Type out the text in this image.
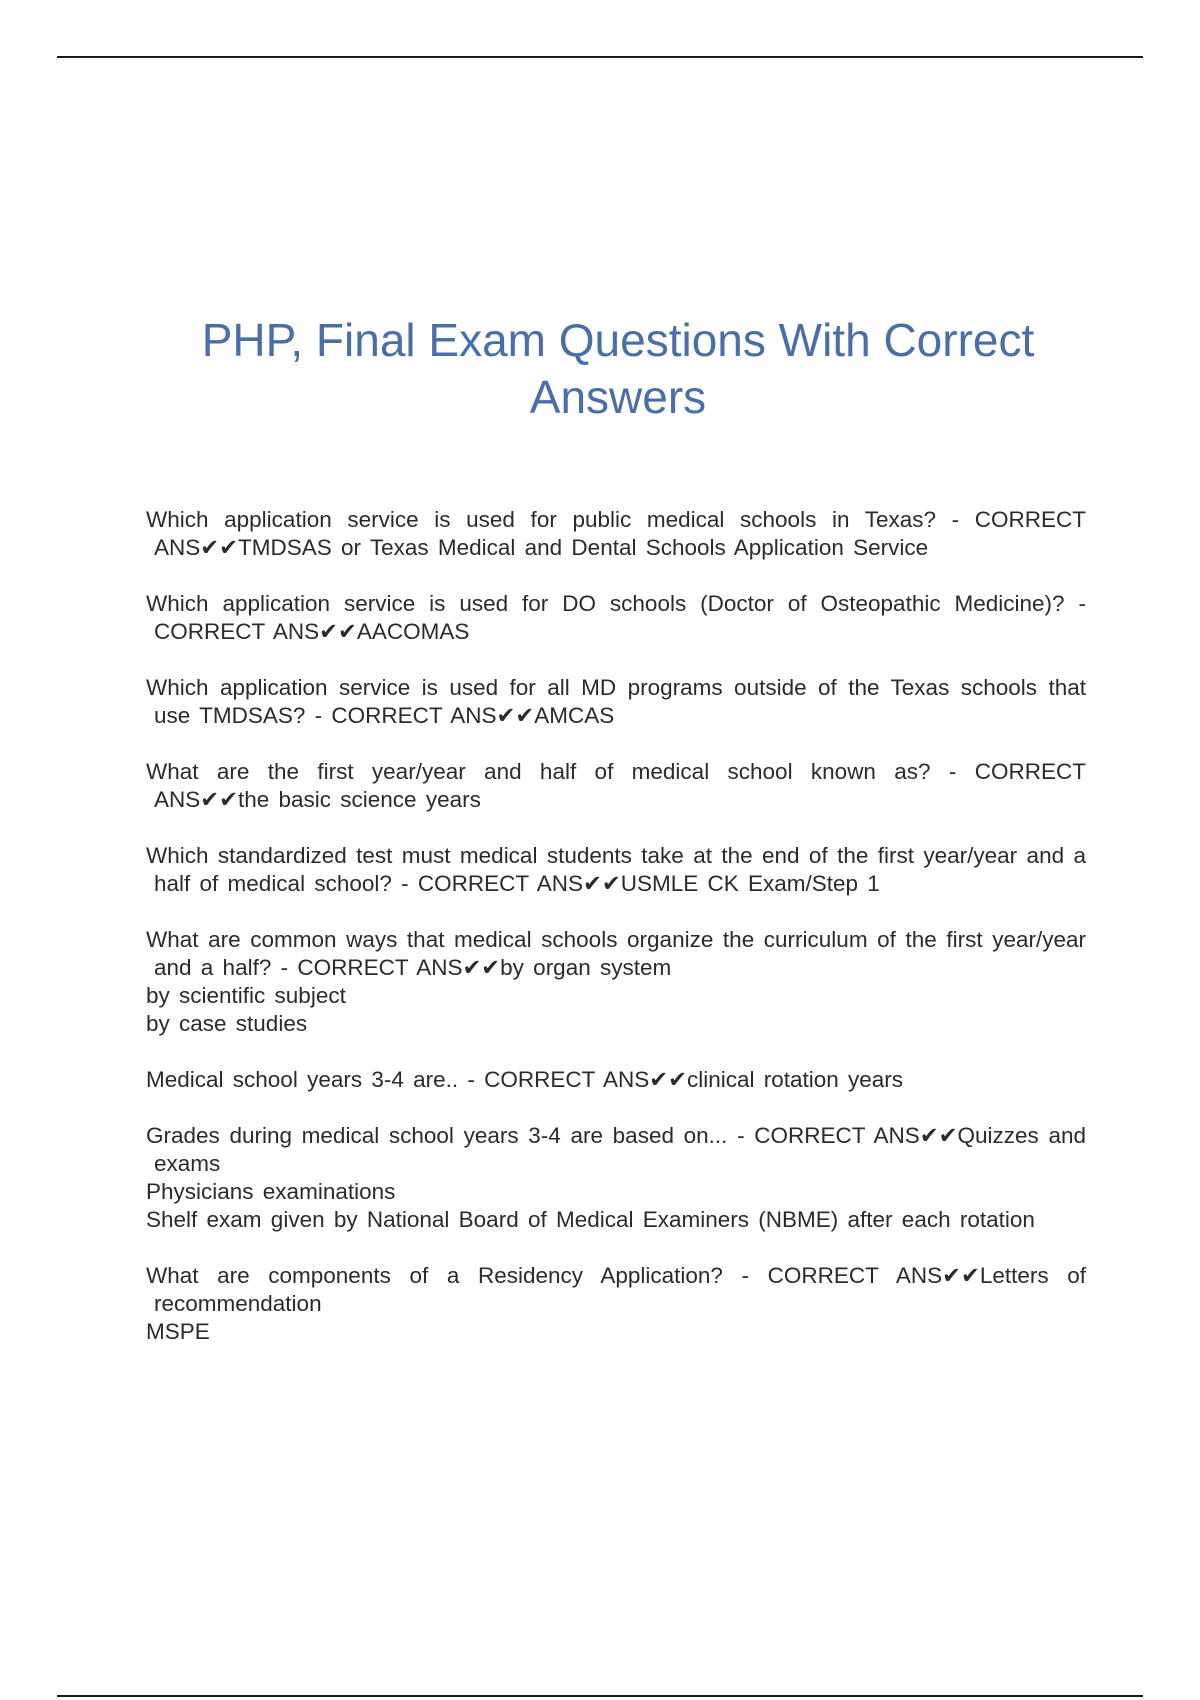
PHP, Final Exam Questions With Correct Answers
Which application service is used for public medical schools in Texas? - CORRECT ANS✔✔TMDSAS or Texas Medical and Dental Schools Application Service
Which application service is used for DO schools (Doctor of Osteopathic Medicine)? - CORRECT ANS✔✔AACOMAS
Which application service is used for all MD programs outside of the Texas schools that use TMDSAS? - CORRECT ANS✔✔AMCAS
What are the first year/year and half of medical school known as? - CORRECT ANS✔✔the basic science years
Which standardized test must medical students take at the end of the first year/year and a half of medical school? - CORRECT ANS✔✔USMLE CK Exam/Step 1
What are common ways that medical schools organize the curriculum of the first year/year and a half? - CORRECT ANS✔✔by organ system
by scientific subject
by case studies
Medical school years 3-4 are.. - CORRECT ANS✔✔clinical rotation years
Grades during medical school years 3-4 are based on... - CORRECT ANS✔✔Quizzes and exams
Physicians examinations
Shelf exam given by National Board of Medical Examiners (NBME) after each rotation
What are components of a Residency Application? - CORRECT ANS✔✔Letters of recommendation
MSPE
